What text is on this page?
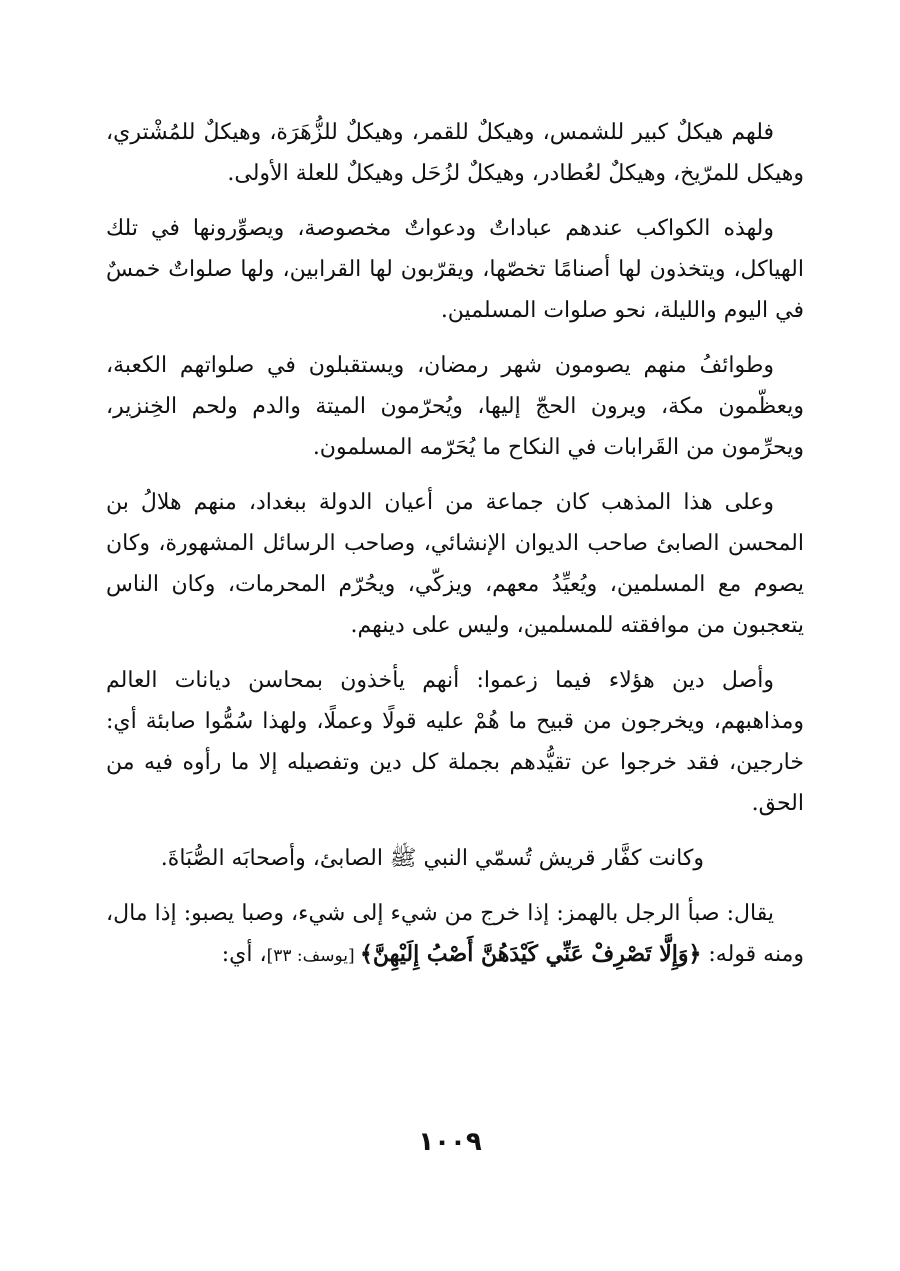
فلهم هيكلٌ كبير للشمس، وهيكلٌ للقمر، وهيكلٌ للزُّهَرَة، وهيكلٌ للمُشْتري، وهيكل للمرّيخ، وهيكلٌ لعُطادر، وهيكلٌ لزُحَل وهيكلٌ للعلة الأولى.

ولهذه الكواكب عندهم عباداتٌ ودعواتٌ مخصوصة، ويصوِّرونها في تلك الهياكل، ويتخذون لها أصنامًا تخصّها، ويقرّبون لها القرابين، ولها صلواتٌ خمسٌ في اليوم والليلة، نحو صلوات المسلمين.

وطوائفُ منهم يصومون شهر رمضان، ويستقبلون في صلواتهم الكعبة، ويعظّمون مكة، ويرون الحجّ إليها، ويُحرّمون الميتة والدم ولحم الخِنزير، ويحرِّمون من القَرابات في النكاح ما يُحَرّمه المسلمون.

وعلى هذا المذهب كان جماعة من أعيان الدولة ببغداد، منهم هلالُ بن المحسن الصابئ صاحب الديوان الإنشائي، وصاحب الرسائل المشهورة، وكان يصوم مع المسلمين، ويُعيِّدُ معهم، ويزكّي، ويحُرّم المحرمات، وكان الناس يتعجبون من موافقته للمسلمين، وليس على دينهم.

وأصل دين هؤلاء فيما زعموا: أنهم يأخذون بمحاسن ديانات العالم ومذاهبهم، ويخرجون من قبيح ما هُمْ عليه قولًا وعملًا، ولهذا سُمُّوا صابئة أي: خارجين، فقد خرجوا عن تقيُّدهم بجملة كل دين وتفصيله إلا ما رأوه فيه من الحق.

وكانت كفَّار قريش تُسمّي النبي ﷺ الصابئ، وأصحابَه الصُّبَاةَ.

يقال: صبأ الرجل بالهمز: إذا خرج من شيء إلى شيء، وصبا يصبو: إذا مال، ومنه قوله: ﴿وَإِلَّا تَصْرِفْ عَنِّي كَيْدَهُنَّ أَصْبُ إِلَيْهِنَّ﴾ [يوسف: ٣٣]، أي:

١٠٠٩
